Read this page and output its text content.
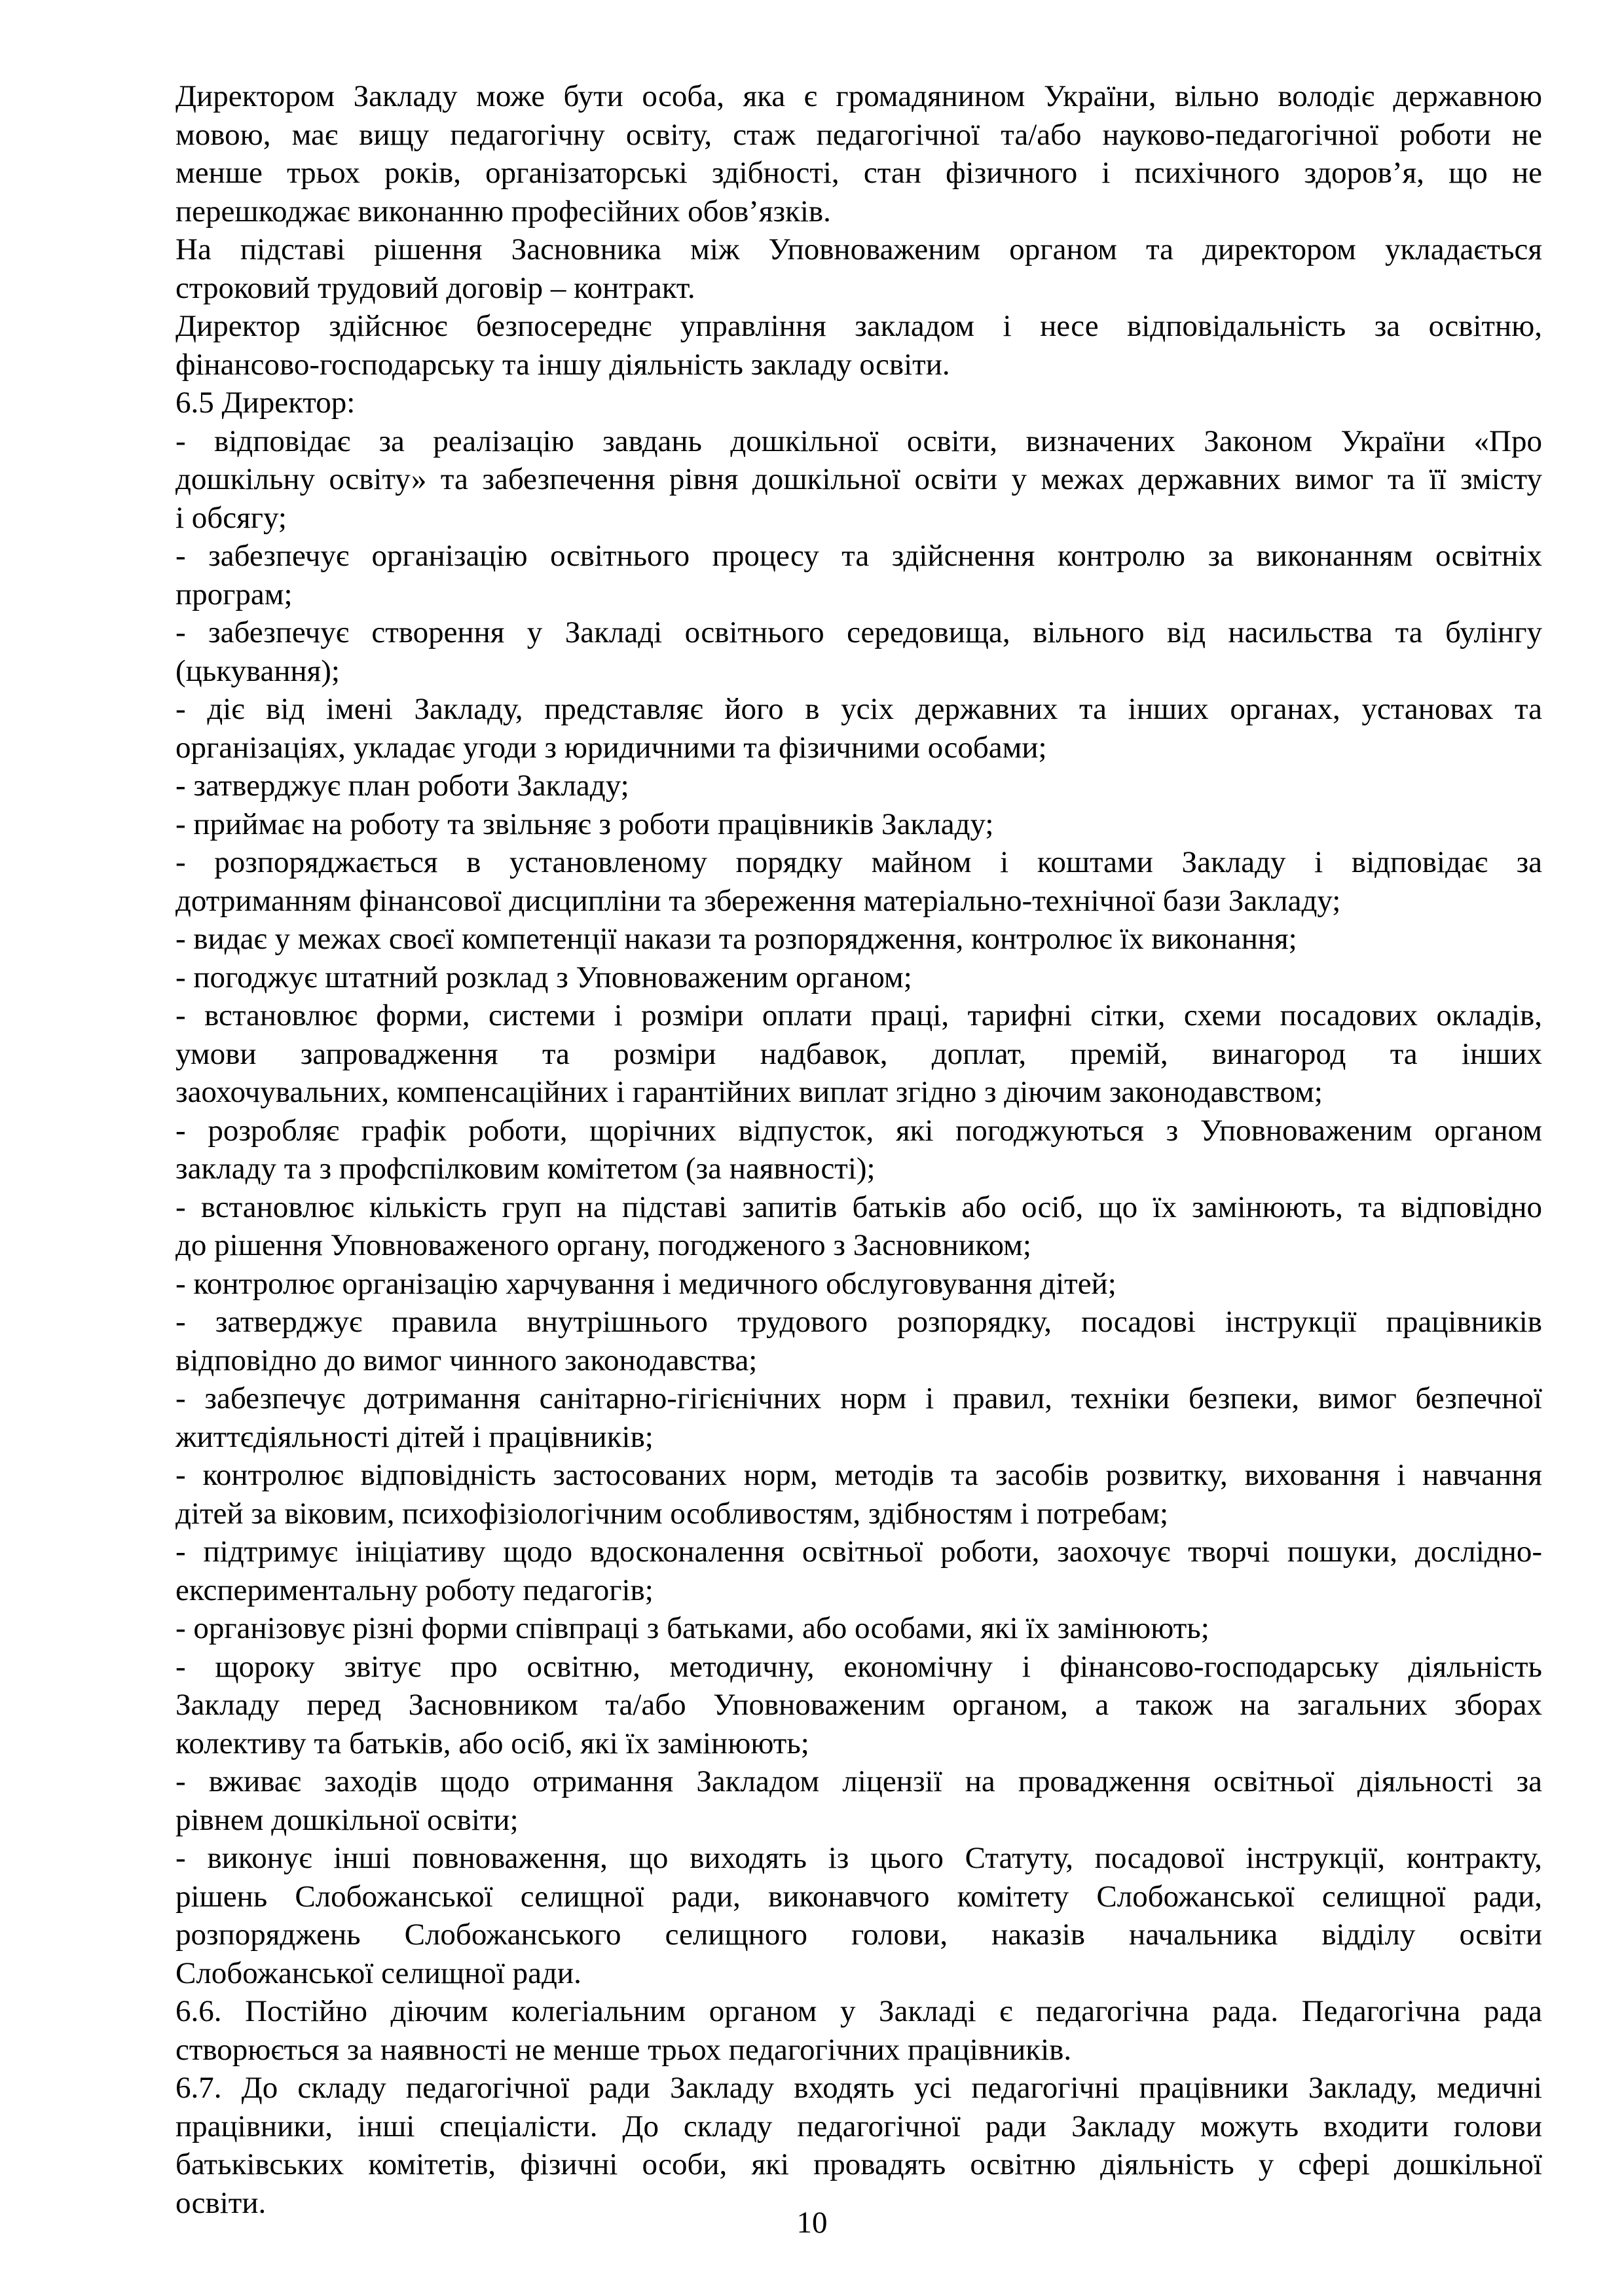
Директором Закладу може бути особа, яка є громадянином України, вільно володіє державною
мовою, має вищу педагогічну освіту, стаж педагогічної та/або науково-педагогічної роботи не
менше трьох років, організаторські здібності, стан фізичного і психічного здоров’я, що не
перешкоджає виконанню професійних обов’язків.
На підставі рішення Засновника між Уповноваженим органом та директором укладається
строковий трудовий договір – контракт.
Директор здійснює безпосереднє управління закладом і несе відповідальність за освітню,
фінансово-господарську та іншу діяльність закладу освіти.
6.5 Директор:
- відповідає за реалізацію завдань дошкільної освіти, визначених Законом України «Про
дошкільну освіту» та забезпечення рівня дошкільної освіти у межах державних вимог та її змісту
і обсягу;
- забезпечує організацію освітнього процесу та здійснення контролю за виконанням освітніх
програм;
- забезпечує створення у Закладі освітнього середовища, вільного від насильства та булінгу
(цькування);
- діє від імені Закладу, представляє його в усіх державних та інших органах, установах та
організаціях, укладає угоди з юридичними та фізичними особами;
- затверджує план роботи Закладу;
- приймає на роботу та звільняє з роботи працівників Закладу;
- розпоряджається в установленому порядку майном і коштами Закладу і відповідає за
дотриманням фінансової дисципліни та збереження матеріально-технічної бази Закладу;
- видає у межах своєї компетенції накази та розпорядження, контролює їх виконання;
- погоджує штатний розклад з Уповноваженим органом;
- встановлює форми, системи і розміри оплати праці, тарифні сітки, схеми посадових окладів,
умови запровадження та розміри надбавок, доплат, премій, винагород та інших
заохочувальних, компенсаційних і гарантійних виплат згідно з діючим законодавством;
- розробляє графік роботи, щорічних відпусток, які погоджуються з Уповноваженим органом
закладу та з профспілковим комітетом (за наявності);
- встановлює кількість груп на підставі запитів батьків або осіб, що їх замінюють, та відповідно
до рішення Уповноваженого органу, погодженого з Засновником;
- контролює організацію харчування і медичного обслуговування дітей;
- затверджує правила внутрішнього трудового розпорядку, посадові інструкції працівників
відповідно до вимог чинного законодавства;
- забезпечує дотримання санітарно-гігієнічних норм і правил, техніки безпеки, вимог безпечної
життєдіяльності дітей і працівників;
- контролює відповідність застосованих норм, методів та засобів розвитку, виховання і навчання
дітей за віковим, психофізіологічним особливостям, здібностям і потребам;
- підтримує ініціативу щодо вдосконалення освітньої роботи, заохочує творчі пошуки, дослідно-
експериментальну роботу педагогів;
- організовує різні форми співпраці з батьками, або особами, які їх замінюють;
- щороку звітує про освітню, методичну, економічну і фінансово-господарську діяльність
Закладу перед Засновником та/або Уповноваженим органом, а також на загальних зборах
колективу та батьків, або осіб, які їх замінюють;
- вживає заходів щодо отримання Закладом ліцензії на провадження освітньої діяльності за
рівнем дошкільної освіти;
- виконує інші повноваження, що виходять із цього Статуту, посадової інструкції, контракту,
рішень Слобожанської селищної ради, виконавчого комітету Слобожанської селищної ради,
розпоряджень Слобожанського селищного голови, наказів начальника відділу освіти
Слобожанської селищної ради.
6.6. Постійно діючим колегіальним органом у Закладі є педагогічна рада. Педагогічна рада
створюється за наявності не менше трьох педагогічних працівників.
6.7. До складу педагогічної ради Закладу входять усі педагогічні працівники Закладу, медичні
працівники, інші спеціалісти. До складу педагогічної ради Закладу можуть входити голови
батьківських комітетів, фізичні особи, які провадять освітню діяльність у сфері дошкільної
освіти.
10
